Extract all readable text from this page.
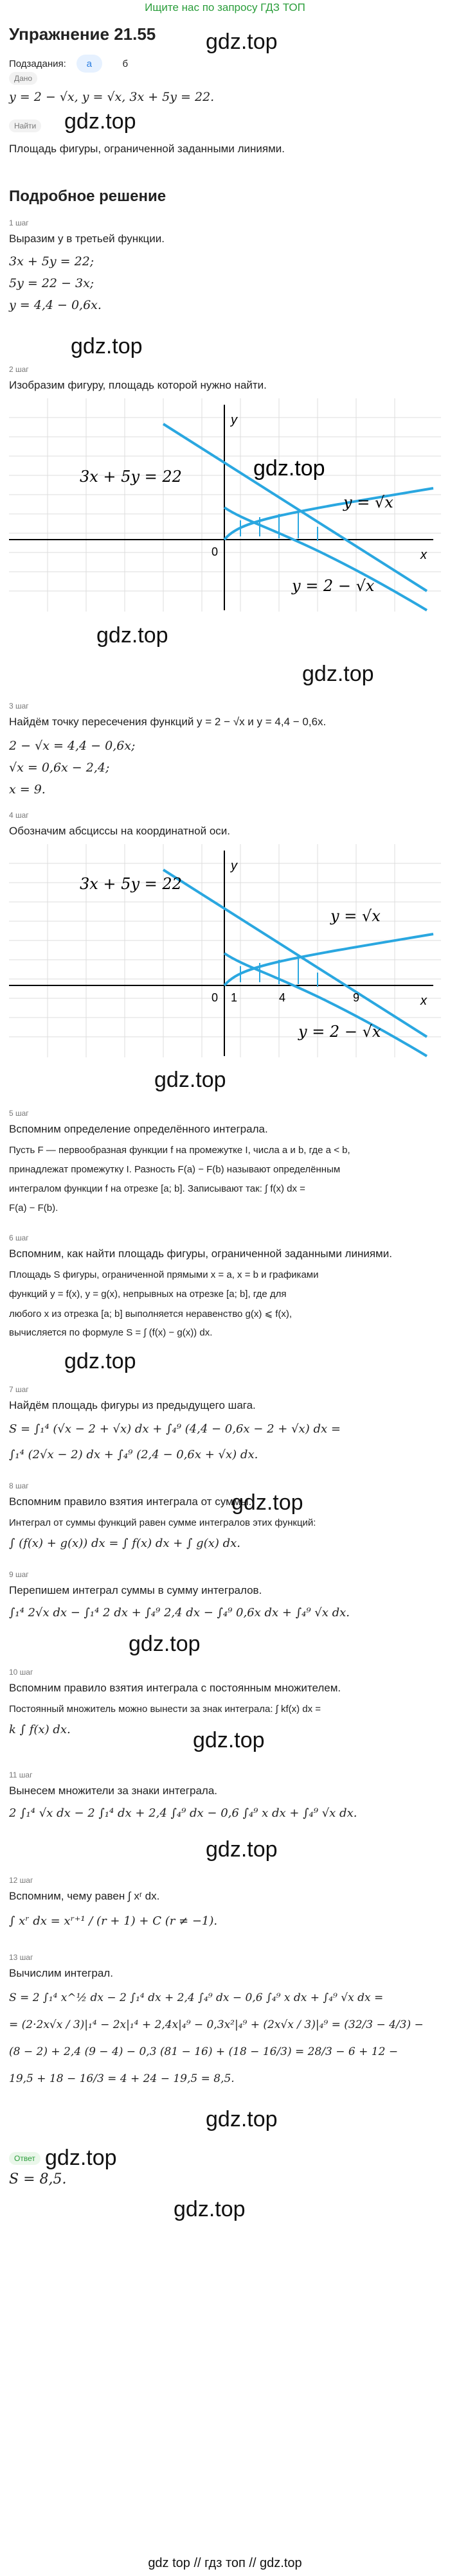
Ищите нас по запросу ГДЗ ТОП
Упражнение 21.55
Подзадания:	а	б
gdz.top
Дано
y = 2 − √x, y = √x, 3x + 5y = 22.
Найти gdz.top
Площадь фигуры, ограниченной заданными линиями.
Подробное решение
1 шаг
Выразим y в третьей функции.
3x + 5y = 22;
5y = 22 − 3x;
y = 4,4 − 0,6x.
gdz.top
2 шаг
Изобразим фигуру, площадь которой нужно найти.
3x + 5y = 22
y = √x
y = 2 − √x
y
x
0
gdz.top
gdz.top
gdz.top
3 шаг
Найдём точку пересечения функций y = 2 − √x и y = 4,4 − 0,6x.
2 − √x = 4,4 − 0,6x;
√x = 0,6x − 2,4;
x = 9.
4 шаг
Обозначим абсциссы на координатной оси.
3x + 5y = 22
y = √x
y = 2 − √x
y
x
0 1	4	9
gdz.top
5 шаг
Вспомним определение определённого интеграла.
Пусть F — первообразная функции f на промежутке I, числа a и b, где a < b,
принадлежат промежутку I. Разность F(a) − F(b) называют определённым
интегралом функции f на отрезке [a; b]. Записывают так: ∫ f(x) dx =
F(a) − F(b).
6 шаг
Вспомним, как найти площадь фигуры, ограниченной заданными линиями.
Площадь S фигуры, ограниченной прямыми x = a, x = b и графиками
функций y = f(x), y = g(x), непрывных на отрезке [a; b], где для
любого x из отрезка [a; b] выполняется неравенство g(x) ⩽ f(x),
вычисляется по формуле S = ∫ (f(x) − g(x)) dx.
gdz.top
7 шаг
Найдём площадь фигуры из предыдущего шага.
S = ∫₁⁴ (√x − 2 + √x) dx + ∫₄⁹ (4,4 − 0,6x − 2 + √x) dx =
∫₁⁴ (2√x − 2) dx + ∫₄⁹ (2,4 − 0,6x + √x) dx.
8 шаг
Вспомним правило взятия интеграла от суммы.
gdz.top
Интеграл от суммы функций равен сумме интегралов этих функций:
∫ (f(x) + g(x)) dx = ∫ f(x) dx + ∫ g(x) dx.
9 шаг
Перепишем интеграл суммы в сумму интегралов.
∫₁⁴ 2√x dx − ∫₁⁴ 2 dx + ∫₄⁹ 2,4 dx − ∫₄⁹ 0,6x dx + ∫₄⁹ √x dx.
gdz.top
10 шаг
Вспомним правило взятия интеграла с постоянным множителем.
Постоянный множитель можно вынести за знак интеграла: ∫ kf(x) dx =
k ∫ f(x) dx.	gdz.top
11 шаг
Вынесем множители за знаки интеграла.
2 ∫₁⁴ √x dx − 2 ∫₁⁴ dx + 2,4 ∫₄⁹ dx − 0,6 ∫₄⁹ x dx + ∫₄⁹ √x dx.
gdz.top
12 шаг
Вспомним, чему равен ∫ xʳ dx.
∫ xʳ dx = xʳ⁺¹ / (r + 1) + C (r ≠ −1).
13 шаг
Вычислим интеграл.
S = 2 ∫₁⁴ x^½ dx − 2 ∫₁⁴ dx + 2,4 ∫₄⁹ dx − 0,6 ∫₄⁹ x dx + ∫₄⁹ √x dx =
= (2·2x√x / 3)|₁⁴ − 2x|₁⁴ + 2,4x|₄⁹ − 0,3x²|₄⁹ + (2x√x / 3)|₄⁹ = (32/3 − 4/3) −
(8 − 2) + 2,4 (9 − 4) − 0,3 (81 − 16) + (18 − 16/3) = 28/3 − 6 + 12 −
19,5 + 18 − 16/3 = 4 + 24 − 19,5 = 8,5.
gdz.top
Ответ
S = 8,5.
gdz.top
gdz.top
gdz top // гдз топ // gdz.top
